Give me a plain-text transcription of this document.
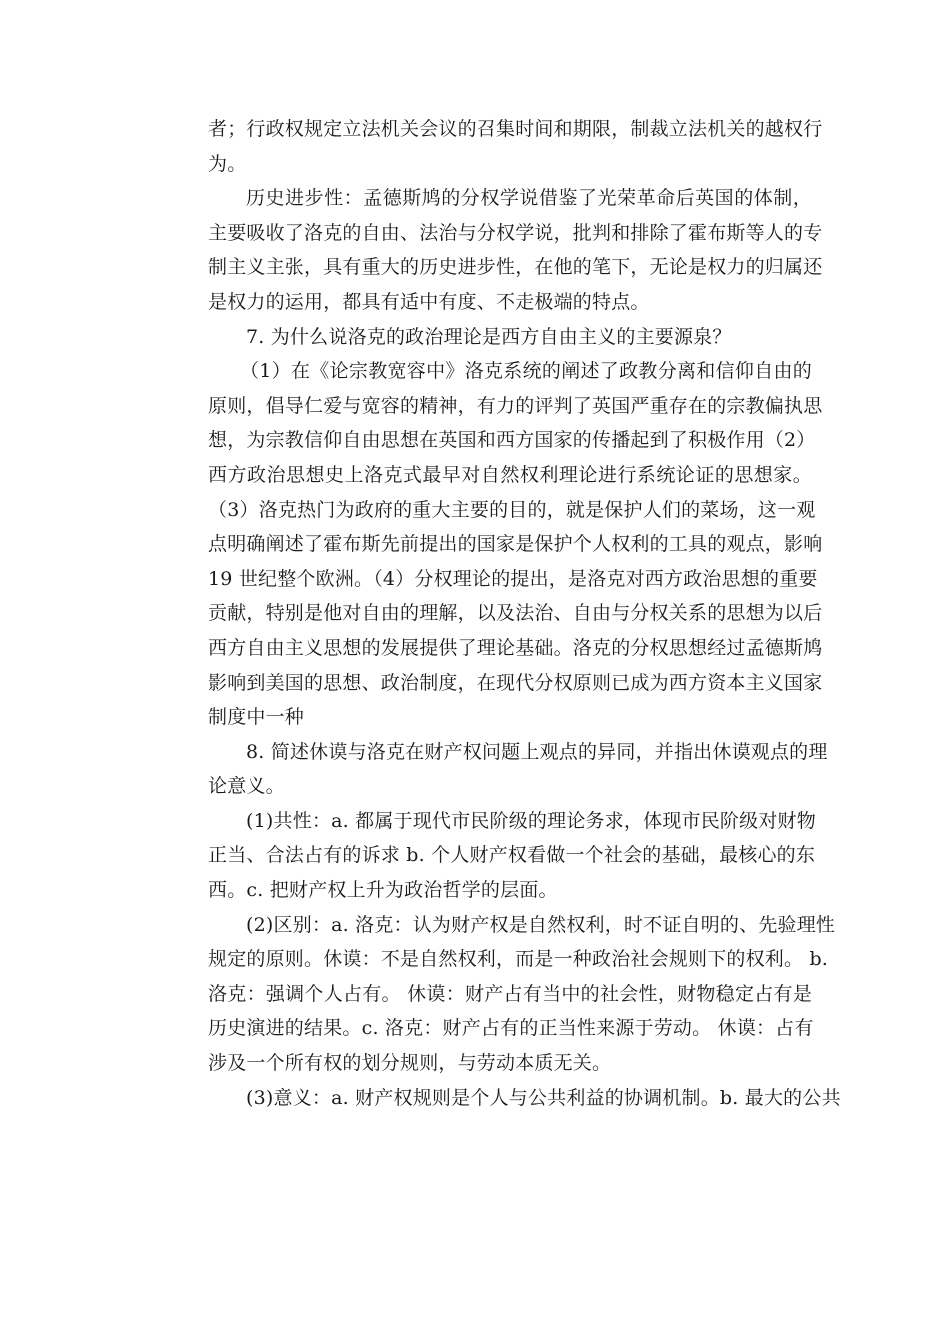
者；行政权规定立法机关会议的召集时间和期限，制裁立法机关的越权行
为。
历史进步性：孟德斯鸠的分权学说借鉴了光荣革命后英国的体制，
主要吸收了洛克的自由、法治与分权学说，批判和排除了霍布斯等人的专
制主义主张，具有重大的历史进步性，在他的笔下，无论是权力的归属还
是权力的运用，都具有适中有度、不走极端的特点。
7. 为什么说洛克的政治理论是西方自由主义的主要源泉？
（1）在《论宗教宽容中》洛克系统的阐述了政教分离和信仰自由的
原则，倡导仁爱与宽容的精神，有力的评判了英国严重存在的宗教偏执思
想，为宗教信仰自由思想在英国和西方国家的传播起到了积极作用（2）
西方政治思想史上洛克式最早对自然权利理论进行系统论证的思想家。
（3）洛克热门为政府的重大主要的目的，就是保护人们的菜场，这一观
点明确阐述了霍布斯先前提出的国家是保护个人权利的工具的观点，影响
19 世纪整个欧洲。（4）分权理论的提出，是洛克对西方政治思想的重要
贡献，特别是他对自由的理解，以及法治、自由与分权关系的思想为以后
西方自由主义思想的发展提供了理论基础。洛克的分权思想经过孟德斯鸠
影响到美国的思想、政治制度，在现代分权原则已成为西方资本主义国家
制度中一种
8. 简述休谟与洛克在财产权问题上观点的异同，并指出休谟观点的理
论意义。
(1)共性：a. 都属于现代市民阶级的理论务求，体现市民阶级对财物
正当、合法占有的诉求 b. 个人财产权看做一个社会的基础，最核心的东
西。c. 把财产权上升为政治哲学的层面。
(2)区别：a. 洛克：认为财产权是自然权利，时不证自明的、先验理性
规定的原则。休谟：不是自然权利，而是一种政治社会规则下的权利。 b.
洛克：强调个人占有。 休谟：财产占有当中的社会性，财物稳定占有是
历史演进的结果。c. 洛克：财产占有的正当性来源于劳动。 休谟：占有
涉及一个所有权的划分规则，与劳动本质无关。
(3)意义：a. 财产权规则是个人与公共利益的协调机制。b. 最大的公共
